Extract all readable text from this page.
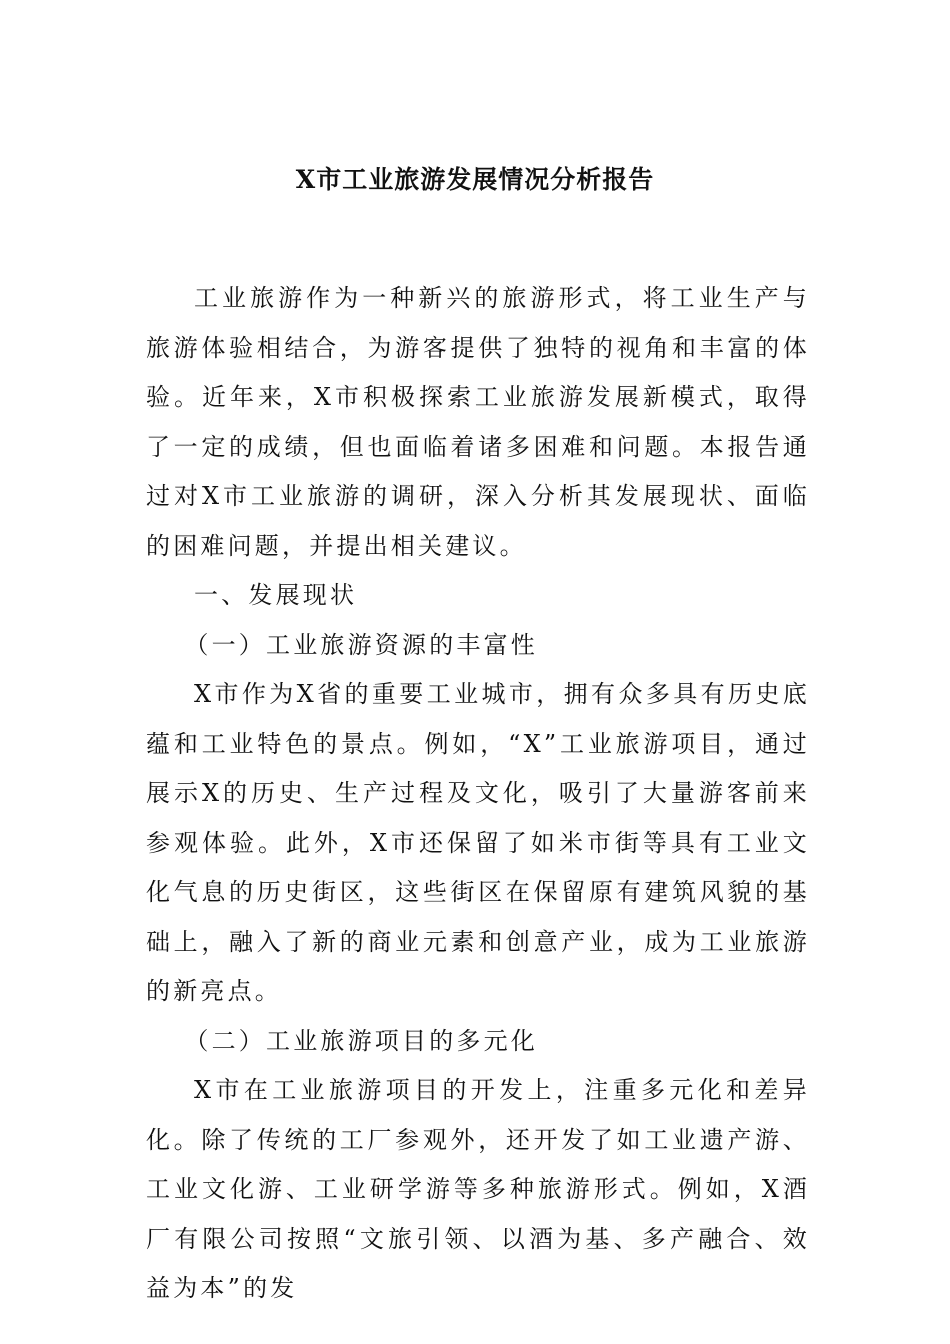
X市工业旅游发展情况分析报告

工业旅游作为一种新兴的旅游形式，将工业生产与旅游体验相结合，为游客提供了独特的视角和丰富的体验。近年来，X市积极探索工业旅游发展新模式，取得了一定的成绩，但也面临着诸多困难和问题。本报告通过对X市工业旅游的调研，深入分析其发展现状、面临的困难问题，并提出相关建议。

一、发展现状

（一）工业旅游资源的丰富性

X市作为X省的重要工业城市，拥有众多具有历史底蕴和工业特色的景点。例如，“X”工业旅游项目，通过展示X的历史、生产过程及文化，吸引了大量游客前来参观体验。此外，X市还保留了如米市街等具有工业文化气息的历史街区，这些街区在保留原有建筑风貌的基础上，融入了新的商业元素和创意产业，成为工业旅游的新亮点。

（二）工业旅游项目的多元化

X市在工业旅游项目的开发上，注重多元化和差异化。除了传统的工厂参观外，还开发了如工业遗产游、工业文化游、工业研学游等多种旅游形式。例如，X酒厂有限公司按照“文旅引领、以酒为基、多产融合、效益为本”的发
